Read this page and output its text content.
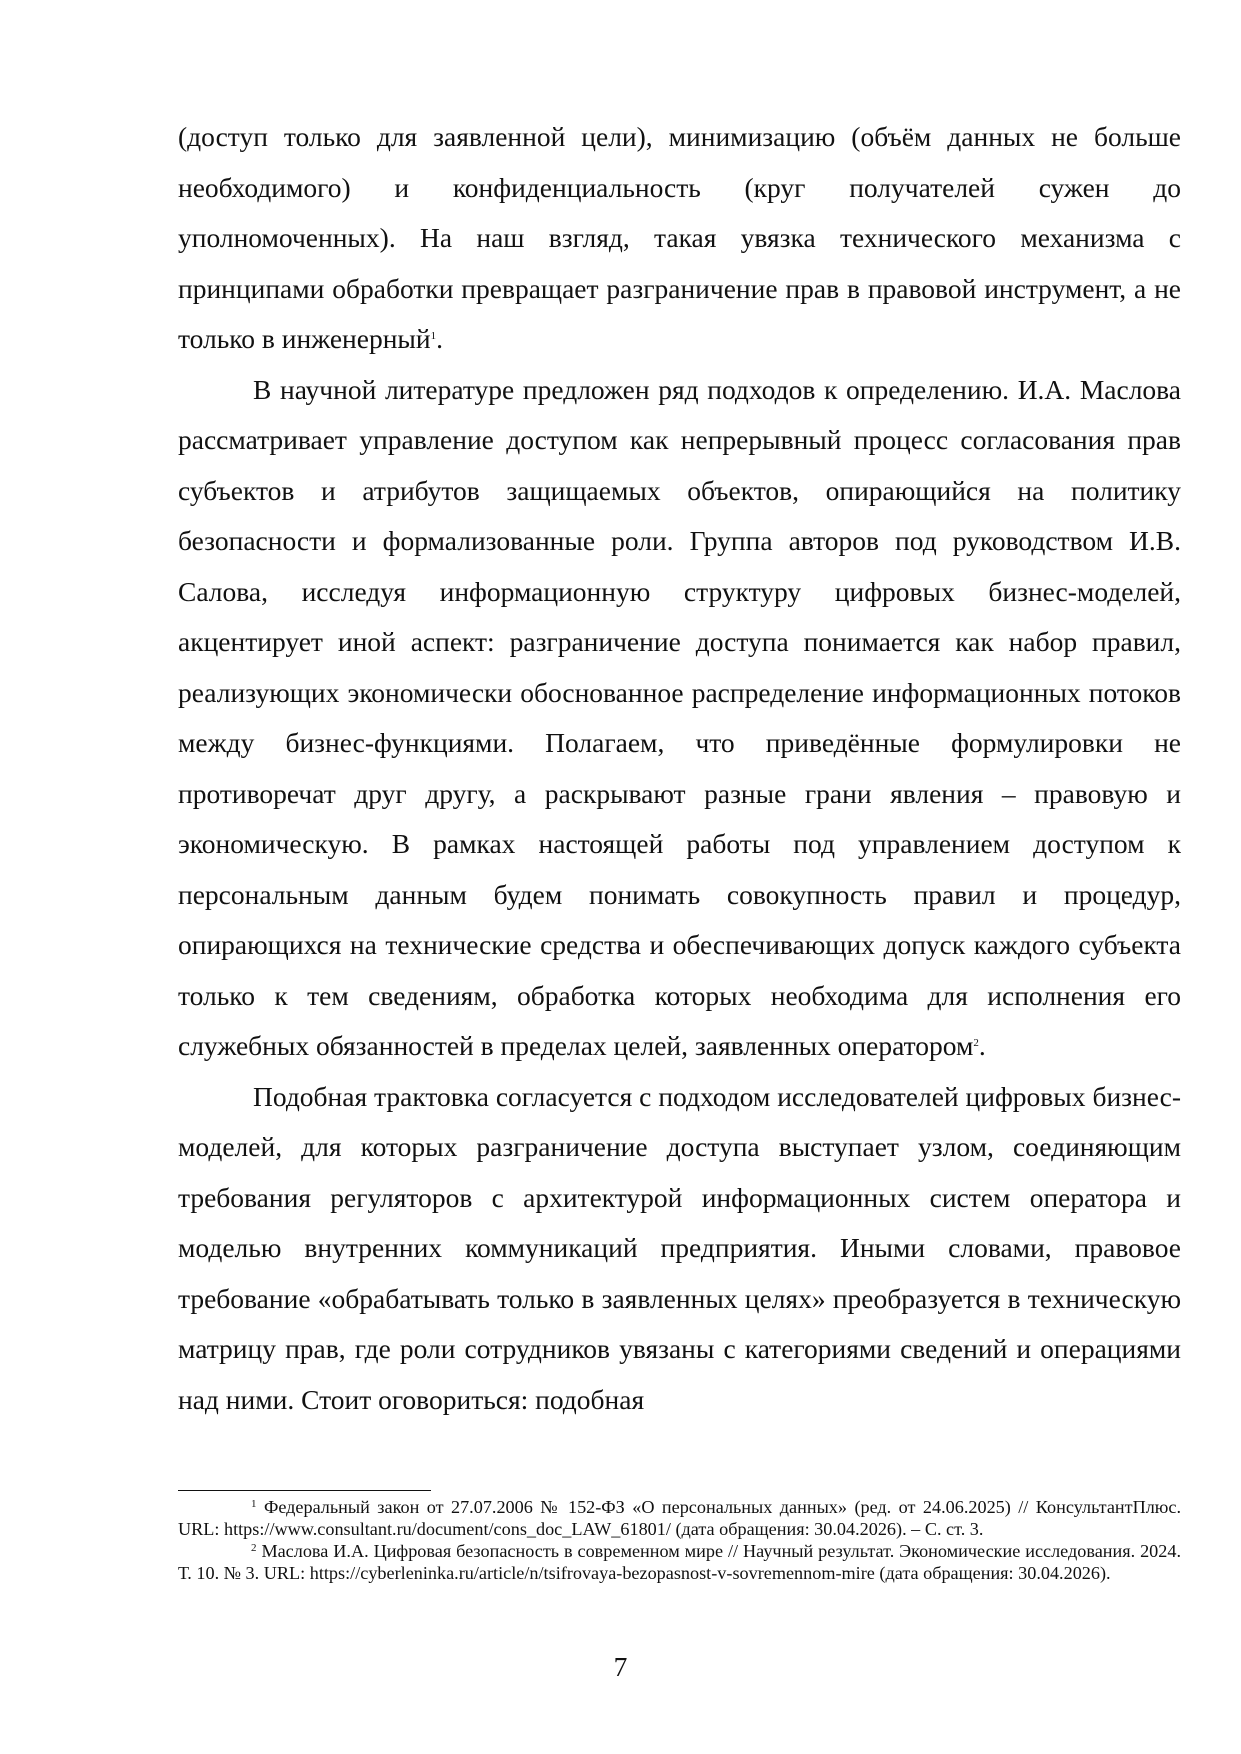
(доступ только для заявленной цели), минимизацию (объём данных не больше необходимого) и конфиденциальность (круг получателей сужен до уполномоченных). На наш взгляд, такая увязка технического механизма с принципами обработки превращает разграничение прав в правовой инструмент, а не только в инженерный$^1$.

В научной литературе предложен ряд подходов к определению. И.А. Маслова рассматривает управление доступом как непрерывный процесс согласования прав субъектов и атрибутов защищаемых объектов, опирающийся на политику безопасности и формализованные роли. Группа авторов под руководством И.В. Салова, исследуя информационную структуру цифровых бизнес-моделей, акцентирует иной аспект: разграничение доступа понимается как набор правил, реализующих экономически обоснованное распределение информационных потоков между бизнес-функциями. Полагаем, что приведённые формулировки не противоречат друг другу, а раскрывают разные грани явления – правовую и экономическую. В рамках настоящей работы под управлением доступом к персональным данным будем понимать совокупность правил и процедур, опирающихся на технические средства и обеспечивающих допуск каждого субъекта только к тем сведениям, обработка которых необходима для исполнения его служебных обязанностей в пределах целей, заявленных оператором$^2$.

Подобная трактовка согласуется с подходом исследователей цифровых бизнес-моделей, для которых разграничение доступа выступает узлом, соединяющим требования регуляторов с архитектурой информационных систем оператора и моделью внутренних коммуникаций предприятия. Иными словами, правовое требование «обрабатывать только в заявленных целях» преобразуется в техническую матрицу прав, где роли сотрудников увязаны с категориями сведений и операциями над ними. Стоит оговориться: подобная

$^1$ Федеральный закон от 27.07.2006 № 152-ФЗ «О персональных данных» (ред. от 24.06.2025) // КонсультантПлюс. URL: https://www.consultant.ru/document/cons_doc_LAW_61801/ (дата обращения: 30.04.2026). – С. ст. 3.

$^2$ Маслова И.А. Цифровая безопасность в современном мире // Научный результат. Экономические исследования. 2024. Т. 10. № 3. URL: https://cyberleninka.ru/article/n/tsifrovaya-bezopasnost-v-sovremennom-mire (дата обращения: 30.04.2026).

7
